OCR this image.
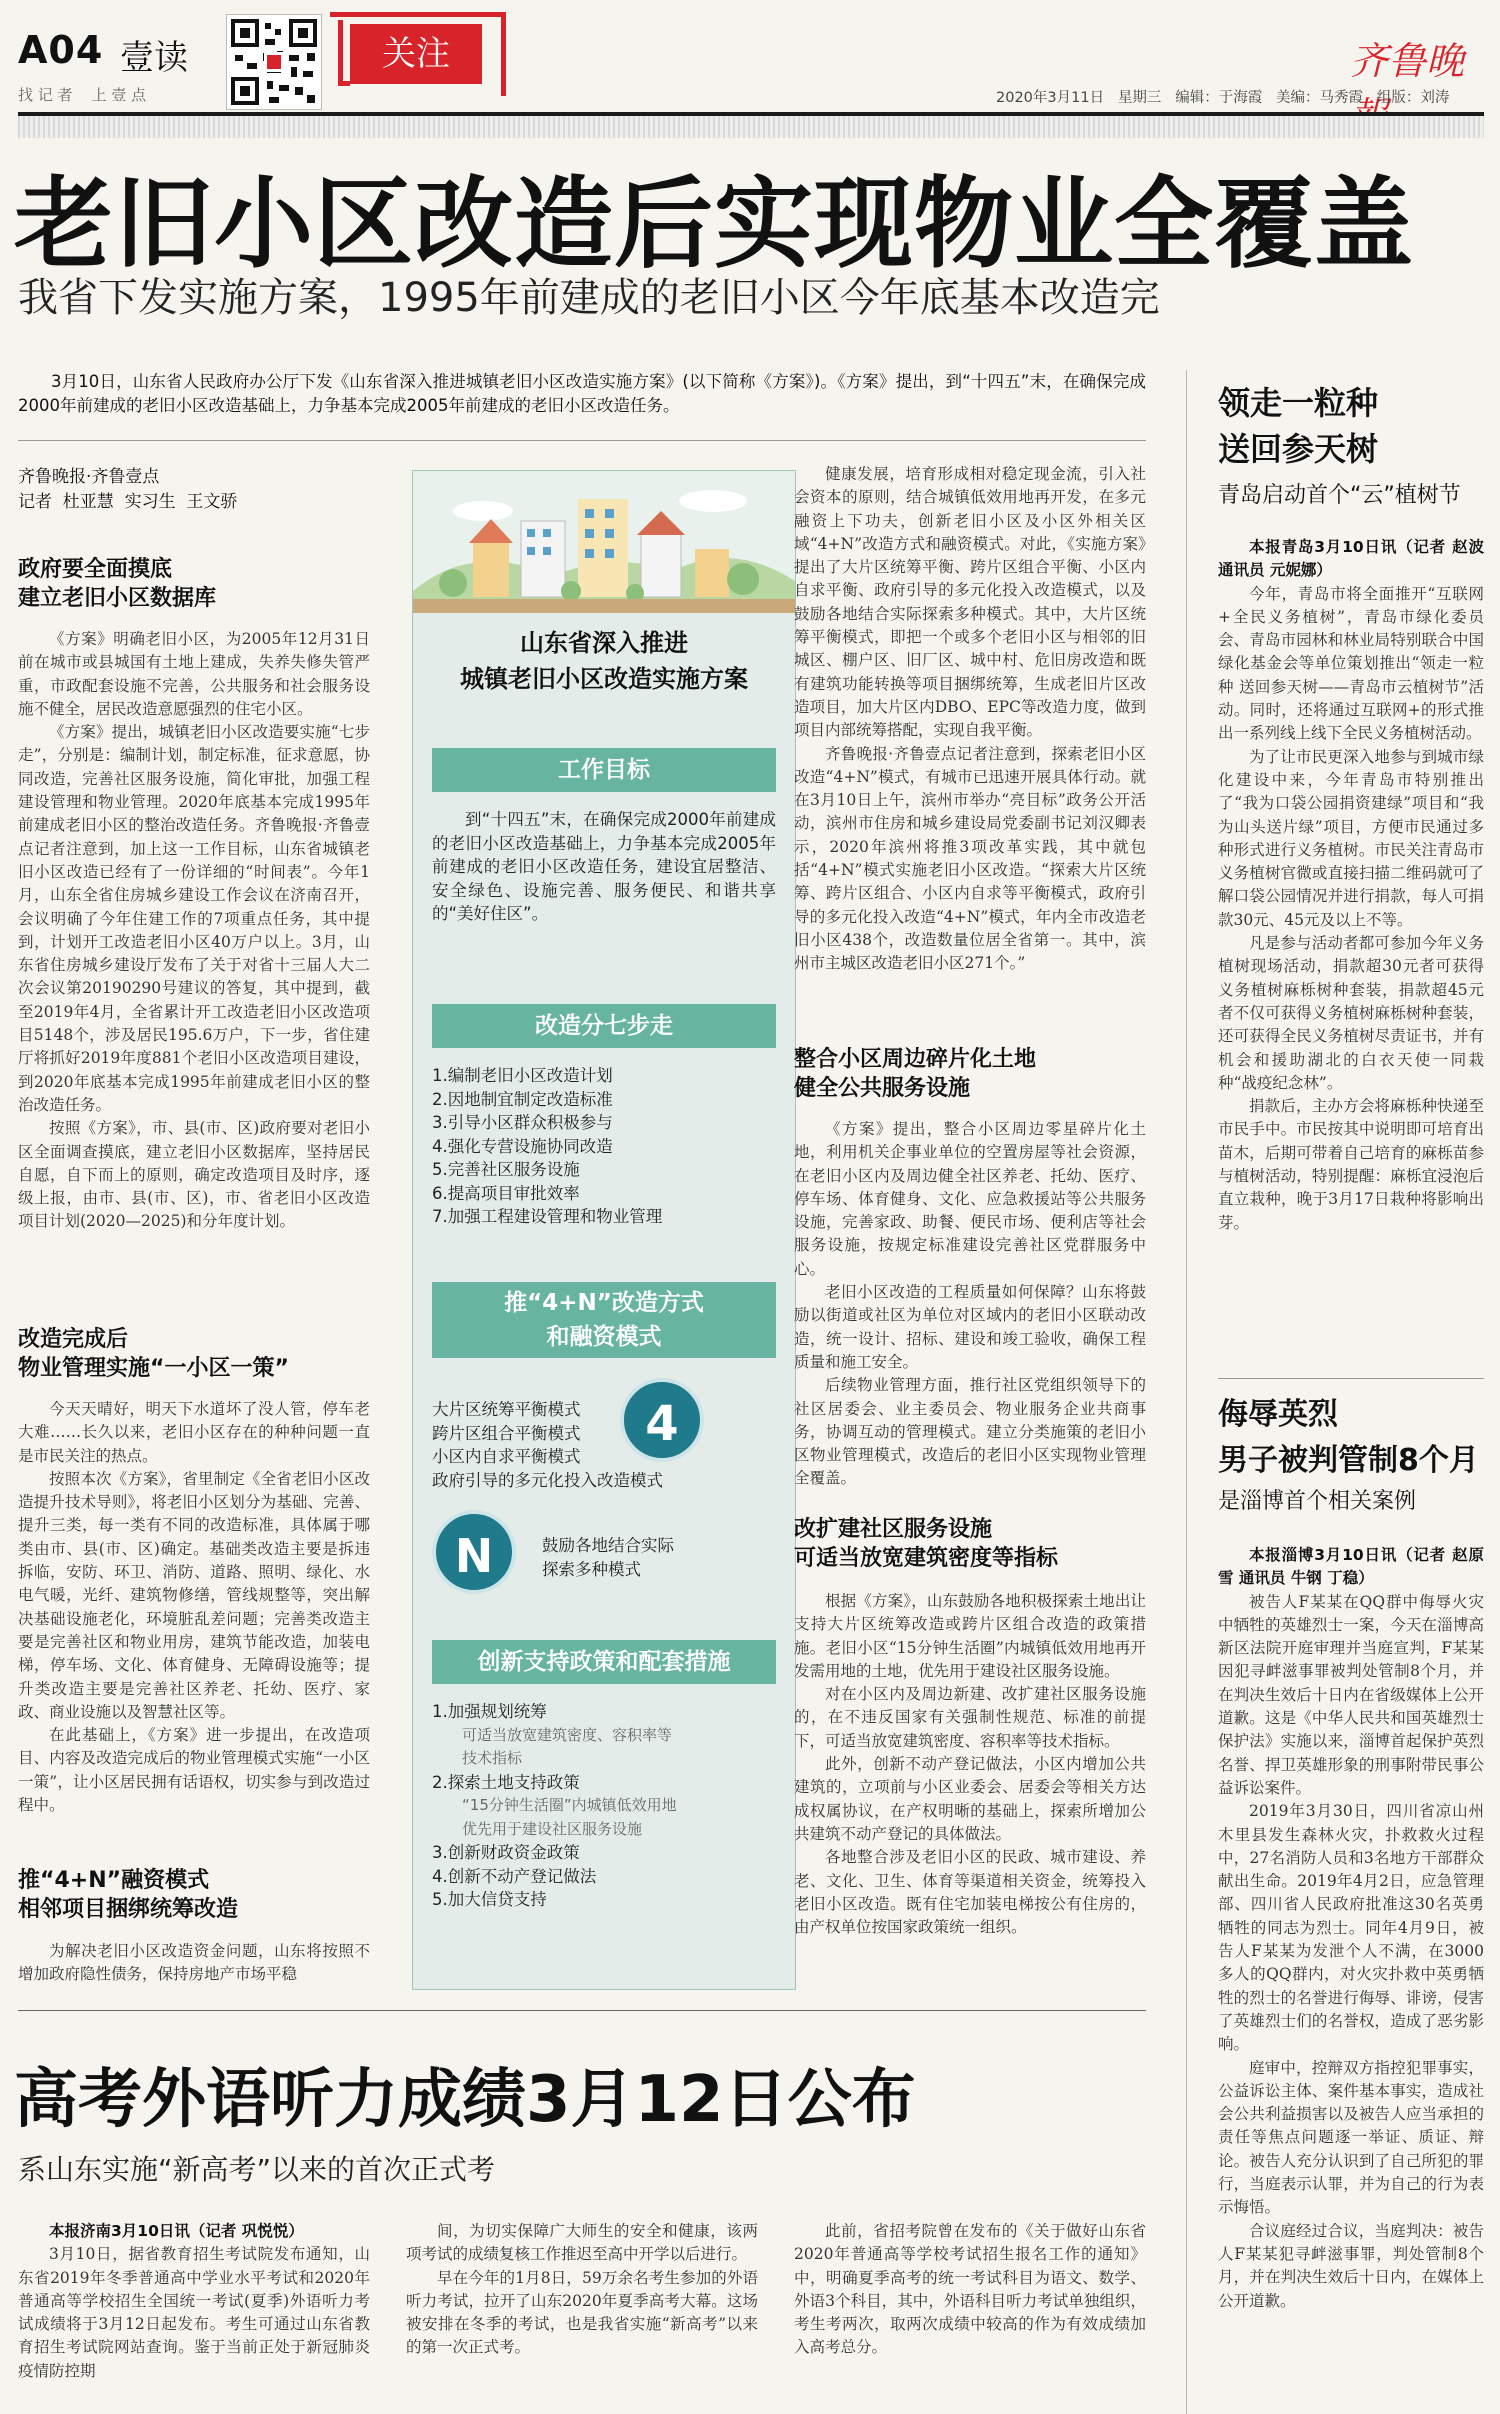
A04 壹读
找 记 者    上 壹 点
关注	齐鲁晚
2020年3月11日   星期三   编辑：于海霞   美编：马秀霞   组版：刘涛
老旧小区改造后实现物业全覆盖
我省下发实施方案，1995年前建成的老旧小区今年底基本改造完

3月10日，山东省人民政府办公厅下发《山东省深入推进城镇老旧小区改造实施方案》(以下简称《方案》)。《方案》提出，到“十四五”末，在确保完成2000年前建成的老旧小区改造基础上，力争基本完成2005年前建成的老旧小区改造任务。

齐鲁晚报·齐鲁壹点
记者  杜亚慧  实习生  王文骄
政府要全面摸底
建立老旧小区数据库

《方案》明确老旧小区，为2005年12月31日前在城市或县城国有土地上建成，失养失修失管严重，市政配套设施不完善，公共服务和社会服务设施不健全，居民改造意愿强烈的住宅小区。

《方案》提出，城镇老旧小区改造要实施“七步走”，分别是：编制计划，制定标准，征求意愿，协同改造，完善社区服务设施，简化审批，加强工程建设管理和物业管理。2020年底基本完成1995年前建成老旧小区的整治改造任务。齐鲁晚报·齐鲁壹点记者注意到，加上这一工作目标，山东省城镇老旧小区改造已经有了一份详细的“时间表”。今年1月，山东全省住房城乡建设工作会议在济南召开，会议明确了今年住建工作的7项重点任务，其中提到，计划开工改造老旧小区40万户以上。3月，山东省住房城乡建设厅发布了关于对省十三届人大二次会议第20190290号建议的答复，其中提到，截至2019年4月，全省累计开工改造老旧小区改造项目5148个，涉及居民195.6万户，下一步，省住建厅将抓好2019年度881个老旧小区改造项目建设，到2020年底基本完成1995年前建成老旧小区的整治改造任务。

按照《方案》，市、县(市、区)政府要对老旧小区全面调查摸底，建立老旧小区数据库，坚持居民自愿，自下而上的原则，确定改造项目及时序，逐级上报，由市、县(市、区)，市、省老旧小区改造项目计划(2020—2025)和分年度计划。

改造完成后
物业管理实施“一小区一策”

今天天晴好，明天下水道坏了没人管，停车老大难……长久以来，老旧小区存在的种种问题一直是市民关注的热点。

按照本次《方案》，省里制定《全省老旧小区改造提升技术导则》，将老旧小区划分为基础、完善、提升三类，每一类有不同的改造标准，具体属于哪类由市、县(市、区)确定。基础类改造主要是拆违拆临，安防、环卫、消防、道路、照明、绿化、水电气暖，光纤、建筑物修缮，管线规整等，突出解决基础设施老化，环境脏乱差问题；完善类改造主要是完善社区和物业用房，建筑节能改造，加装电梯，停车场、文化、体育健身、无障碍设施等；提升类改造主要是完善社区养老、托幼、医疗、家政、商业设施以及智慧社区等。

在此基础上，《方案》进一步提出，在改造项目、内容及改造完成后的物业管理模式实施“一小区一策”，让小区居民拥有话语权，切实参与到改造过程中。

推“4+N”融资模式
相邻项目捆绑统筹改造

为解决老旧小区改造资金问题，山东将按照不增加政府隐性债务，保持房地产市场平稳

山东省深入推进
城镇老旧小区改造实施方案
工作目标

到“十四五”末，在确保完成2000年前建成的老旧小区改造基础上，力争基本完成2005年前建成的老旧小区改造任务，建设宜居整洁、安全绿色、设施完善、服务便民、和谐共享的“美好住区”。

改造分七步走
1.编制老旧小区改造计划
2.因地制宜制定改造标准
3.引导小区群众积极参与
4.强化专营设施协同改造
5.完善社区服务设施
6.提高项目审批效率
7.加强工程建设管理和物业管理
推“4+N”改造方式
和融资模式
大片区统筹平衡模式
跨片区组合平衡模式
小区内自求平衡模式
政府引导的多元化投入改造模式
4
N	鼓励各地结合实际
探索多种模式
创新支持政策和配套措施
1.加强规划统筹
　　可适当放宽建筑密度、容积率等
　　技术指标
2.探索土地支持政策
　　“15分钟生活圈”内城镇低效用地
　　优先用于建设社区服务设施
3.创新财政资金政策
4.创新不动产登记做法
5.加大信贷支持

健康发展，培育形成相对稳定现金流，引入社会资本的原则，结合城镇低效用地再开发，在多元融资上下功夫，创新老旧小区及小区外相关区域“4+N”改造方式和融资模式。对此，《实施方案》提出了大片区统筹平衡、跨片区组合平衡、小区内自求平衡、政府引导的多元化投入改造模式，以及鼓励各地结合实际探索多种模式。其中，大片区统筹平衡模式，即把一个或多个老旧小区与相邻的旧城区、棚户区、旧厂区、城中村、危旧房改造和既有建筑功能转换等项目捆绑统筹，生成老旧片区改造项目，加大片区内DBO、EPC等改造力度，做到项目内部统筹搭配，实现自我平衡。

齐鲁晚报·齐鲁壹点记者注意到，探索老旧小区改造“4+N”模式，有城市已迅速开展具体行动。就在3月10日上午，滨州市举办“亮目标”政务公开活动，滨州市住房和城乡建设局党委副书记刘汉卿表示，2020年滨州将推3项改革实践，其中就包括“4+N”模式实施老旧小区改造。“探索大片区统筹、跨片区组合、小区内自求等平衡模式，政府引导的多元化投入改造“4+N”模式，年内全市改造老旧小区438个，改造数量位居全省第一。其中，滨州市主城区改造老旧小区271个。”

整合小区周边碎片化土地
健全公共服务设施

《方案》提出，整合小区周边零星碎片化土地，利用机关企事业单位的空置房屋等社会资源，在老旧小区内及周边健全社区养老、托幼、医疗、停车场、体育健身、文化、应急救援站等公共服务设施，完善家政、助餐、便民市场、便利店等社会服务设施，按规定标准建设完善社区党群服务中心。

老旧小区改造的工程质量如何保障？山东将鼓励以街道或社区为单位对区域内的老旧小区联动改造，统一设计、招标、建设和竣工验收，确保工程质量和施工安全。

后续物业管理方面，推行社区党组织领导下的社区居委会、业主委员会、物业服务企业共商事务，协调互动的管理模式。建立分类施策的老旧小区物业管理模式，改造后的老旧小区实现物业管理全覆盖。

改扩建社区服务设施
可适当放宽建筑密度等指标

根据《方案》，山东鼓励各地积极探索土地出让支持大片区统筹改造或跨片区组合改造的政策措施。老旧小区“15分钟生活圈”内城镇低效用地再开发需用地的土地，优先用于建设社区服务设施。

对在小区内及周边新建、改扩建社区服务设施的，在不违反国家有关强制性规范、标准的前提下，可适当放宽建筑密度、容积率等技术指标。

此外，创新不动产登记做法，小区内增加公共建筑的，立项前与小区业委会、居委会等相关方达成权属协议，在产权明晰的基础上，探索所增加公共建筑不动产登记的具体做法。

各地整合涉及老旧小区的民政、城市建设、养老、文化、卫生、体育等渠道相关资金，统筹投入老旧小区改造。既有住宅加装电梯按公有住房的，由产权单位按国家政策统一组织。

领走一粒种
送回参天树
青岛启动首个“云”植树节

本报青岛3月10日讯（记者 赵波 通讯员 元妮娜）

今年，青岛市将全面推开“互联网+全民义务植树”，青岛市绿化委员会、青岛市园林和林业局特别联合中国绿化基金会等单位策划推出“领走一粒种 送回参天树——青岛市云植树节”活动。同时，还将通过互联网+的形式推出一系列线上线下全民义务植树活动。

为了让市民更深入地参与到城市绿化建设中来，今年青岛市特别推出了“我为口袋公园捐资建绿”项目和“我为山头送片绿”项目，方便市民通过多种形式进行义务植树。市民关注青岛市义务植树官微或直接扫描二维码就可了解口袋公园情况并进行捐款，每人可捐款30元、45元及以上不等。

凡是参与活动者都可参加今年义务植树现场活动，捐款超30元者可获得义务植树麻栎树种套装，捐款超45元者不仅可获得义务植树麻栎树种套装，还可获得全民义务植树尽责证书，并有机会和援助湖北的白衣天使一同栽种“战疫纪念林”。

捐款后，主办方会将麻栎种快递至市民手中。市民按其中说明即可培育出苗木，后期可带着自己培育的麻栎苗参与植树活动，特别提醒：麻栎宜浸泡后直立栽种，晚于3月17日栽种将影响出芽。

侮辱英烈
男子被判管制8个月
是淄博首个相关案例

本报淄博3月10日讯（记者 赵原雪 通讯员 牛钢 丁稳）

被告人F某某在QQ群中侮辱火灾中牺牲的英雄烈士一案，今天在淄博高新区法院开庭审理并当庭宣判，F某某因犯寻衅滋事罪被判处管制8个月，并在判决生效后十日内在省级媒体上公开道歉。这是《中华人民共和国英雄烈士保护法》实施以来，淄博首起保护英烈名誉、捍卫英雄形象的刑事附带民事公益诉讼案件。

2019年3月30日，四川省凉山州木里县发生森林火灾，扑救救火过程中，27名消防人员和3名地方干部群众献出生命。2019年4月2日，应急管理部、四川省人民政府批准这30名英勇牺牲的同志为烈士。同年4月9日，被告人F某某为发泄个人不满，在3000多人的QQ群内，对火灾扑救中英勇牺牲的烈士的名誉进行侮辱、诽谤，侵害了英雄烈士们的名誉权，造成了恶劣影响。

庭审中，控辩双方指控犯罪事实，公益诉讼主体、案件基本事实，造成社会公共利益损害以及被告人应当承担的责任等焦点问题逐一举证、质证、辩论。被告人充分认识到了自己所犯的罪行，当庭表示认罪，并为自己的行为表示悔悟。

合议庭经过合议，当庭判决：被告人F某某犯寻衅滋事罪，判处管制8个月，并在判决生效后十日内，在媒体上公开道歉。

高考外语听力成绩3月12日公布
系山东实施“新高考”以来的首次正式考

本报济南3月10日讯（记者 巩悦悦）

3月10日，据省教育招生考试院发布通知，山东省2019年冬季普通高中学业水平考试和2020年普通高等学校招生全国统一考试(夏季)外语听力考试成绩将于3月12日起发布。考生可通过山东省教育招生考试院网站查询。鉴于当前正处于新冠肺炎疫情防控期

间，为切实保障广大师生的安全和健康，该两项考试的成绩复核工作推迟至高中开学以后进行。

早在今年的1月8日，59万余名考生参加的外语听力考试，拉开了山东2020年夏季高考大幕。这场被安排在冬季的考试，也是我省实施“新高考”以来的第一次正式考。

此前，省招考院曾在发布的《关于做好山东省2020年普通高等学校考试招生报名工作的通知》中，明确夏季高考的统一考试科目为语文、数学、外语3个科目，其中，外语科目听力考试单独组织，考生考两次，取两次成绩中较高的作为有效成绩加入高考总分。
